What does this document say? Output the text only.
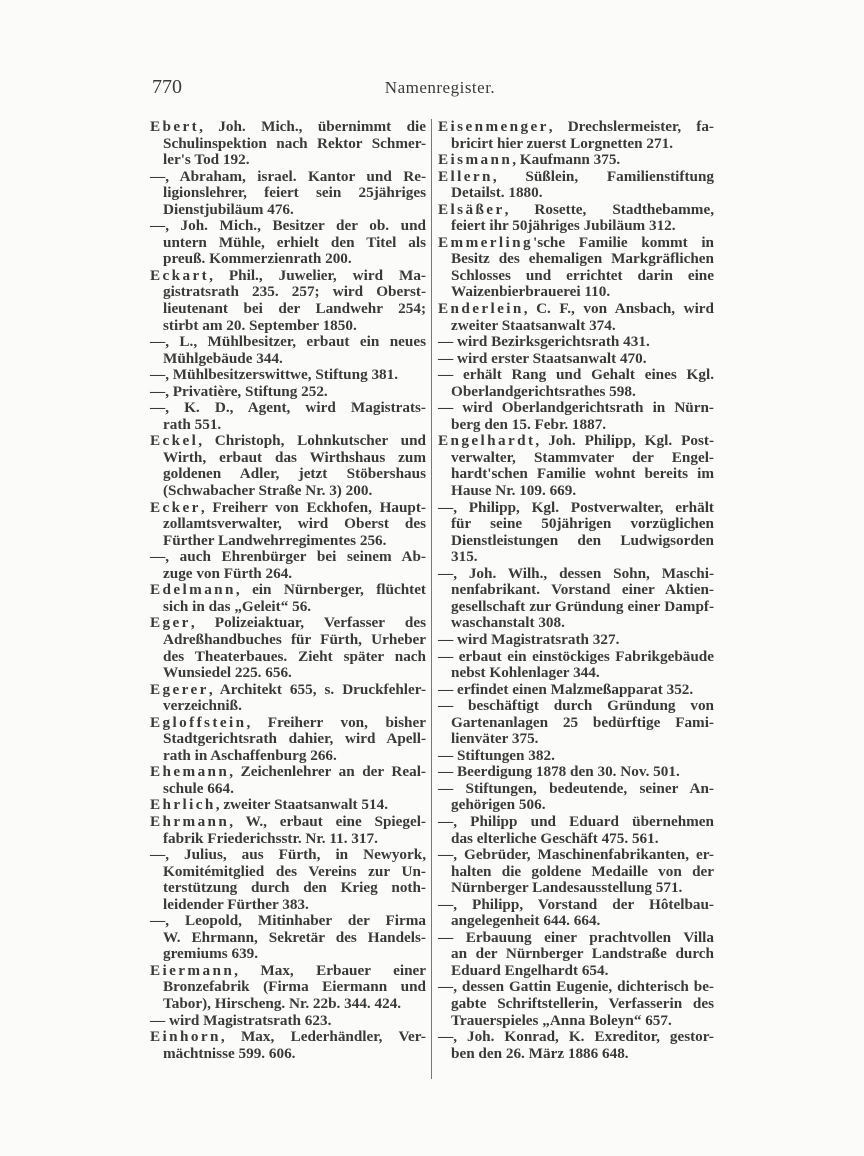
770	Namenregister.
Ebert, Joh. Mich., übernimmt die
Schulinspektion nach Rektor Schmer-
ler's Tod 192.
—, Abraham, israel. Kantor und Re-
ligionslehrer, feiert sein 25jähriges
Dienstjubiläum 476.
—, Joh. Mich., Besitzer der ob. und
untern Mühle, erhielt den Titel als
preuß. Kommerzienrath 200.
Eckart, Phil., Juwelier, wird Ma-
gistratsrath 235. 257; wird Oberst-
lieutenant bei der Landwehr 254;
stirbt am 20. September 1850.
—, L., Mühlbesitzer, erbaut ein neues
Mühlgebäude 344.
—, Mühlbesitzerswittwe, Stiftung 381.
—, Privatière, Stiftung 252.
—, K. D., Agent, wird Magistrats-
rath 551.
Eckel, Christoph, Lohnkutscher und
Wirth, erbaut das Wirthshaus zum
goldenen Adler, jetzt Stöbershaus
(Schwabacher Straße Nr. 3) 200.
Ecker, Freiherr von Eckhofen, Haupt-
zollamtsverwalter, wird Oberst des
Fürther Landwehrregimentes 256.
—, auch Ehrenbürger bei seinem Ab-
zuge von Fürth 264.
Edelmann, ein Nürnberger, flüchtet
sich in das „Geleit“ 56.
Eger, Polizeiaktuar, Verfasser des
Adreßhandbuches für Fürth, Urheber
des Theaterbaues. Zieht später nach
Wunsiedel 225. 656.
Egerer, Architekt 655, s. Druckfehler-
verzeichniß.
Egloffstein, Freiherr von, bisher
Stadtgerichtsrath dahier, wird Apell-
rath in Aschaffenburg 266.
Ehemann, Zeichenlehrer an der Real-
schule 664.
Ehrlich, zweiter Staatsanwalt 514.
Ehrmann, W., erbaut eine Spiegel-
fabrik Friederichsstr. Nr. 11. 317.
—, Julius, aus Fürth, in Newyork,
Komitémitglied des Vereins zur Un-
terstützung durch den Krieg noth-
leidender Fürther 383.
—, Leopold, Mitinhaber der Firma
W. Ehrmann, Sekretär des Handels-
gremiums 639.
Eiermann, Max, Erbauer einer
Bronzefabrik (Firma Eiermann und
Tabor), Hirscheng. Nr. 22b. 344. 424.
— wird Magistratsrath 623.
Einhorn, Max, Lederhändler, Ver-
mächtnisse 599. 606.
Eisenmenger, Drechslermeister, fa-
bricirt hier zuerst Lorgnetten 271.
Eismann, Kaufmann 375.
Ellern, Süßlein, Familienstiftung
Detailst. 1880.
Elsäßer, Rosette, Stadthebamme,
feiert ihr 50jähriges Jubiläum 312.
Emmerling'sche Familie kommt in
Besitz des ehemaligen Markgräflichen
Schlosses und errichtet darin eine
Waizenbierbrauerei 110.
Enderlein, C. F., von Ansbach, wird
zweiter Staatsanwalt 374.
— wird Bezirksgerichtsrath 431.
— wird erster Staatsanwalt 470.
— erhält Rang und Gehalt eines Kgl.
Oberlandgerichtsrathes 598.
— wird Oberlandgerichtsrath in Nürn-
berg den 15. Febr. 1887.
Engelhardt, Joh. Philipp, Kgl. Post-
verwalter, Stammvater der Engel-
hardt'schen Familie wohnt bereits im
Hause Nr. 109. 669.
—, Philipp, Kgl. Postverwalter, erhält
für seine 50jährigen vorzüglichen
Dienstleistungen den Ludwigsorden
315.
—, Joh. Wilh., dessen Sohn, Maschi-
nenfabrikant. Vorstand einer Aktien-
gesellschaft zur Gründung einer Dampf-
waschanstalt 308.
— wird Magistratsrath 327.
— erbaut ein einstöckiges Fabrikgebäude
nebst Kohlenlager 344.
— erfindet einen Malzmeßapparat 352.
— beschäftigt durch Gründung von
Gartenanlagen 25 bedürftige Fami-
lienväter 375.
— Stiftungen 382.
— Beerdigung 1878 den 30. Nov. 501.
— Stiftungen, bedeutende, seiner An-
gehörigen 506.
—, Philipp und Eduard übernehmen
das elterliche Geschäft 475. 561.
—, Gebrüder, Maschinenfabrikanten, er-
halten die goldene Medaille von der
Nürnberger Landesausstellung 571.
—, Philipp, Vorstand der Hôtelbau-
angelegenheit 644. 664.
— Erbauung einer prachtvollen Villa
an der Nürnberger Landstraße durch
Eduard Engelhardt 654.
—, dessen Gattin Eugenie, dichterisch be-
gabte Schriftstellerin, Verfasserin des
Trauerspieles „Anna Boleyn“ 657.
—, Joh. Konrad, K. Exreditor, gestor-
ben den 26. März 1886 648.
